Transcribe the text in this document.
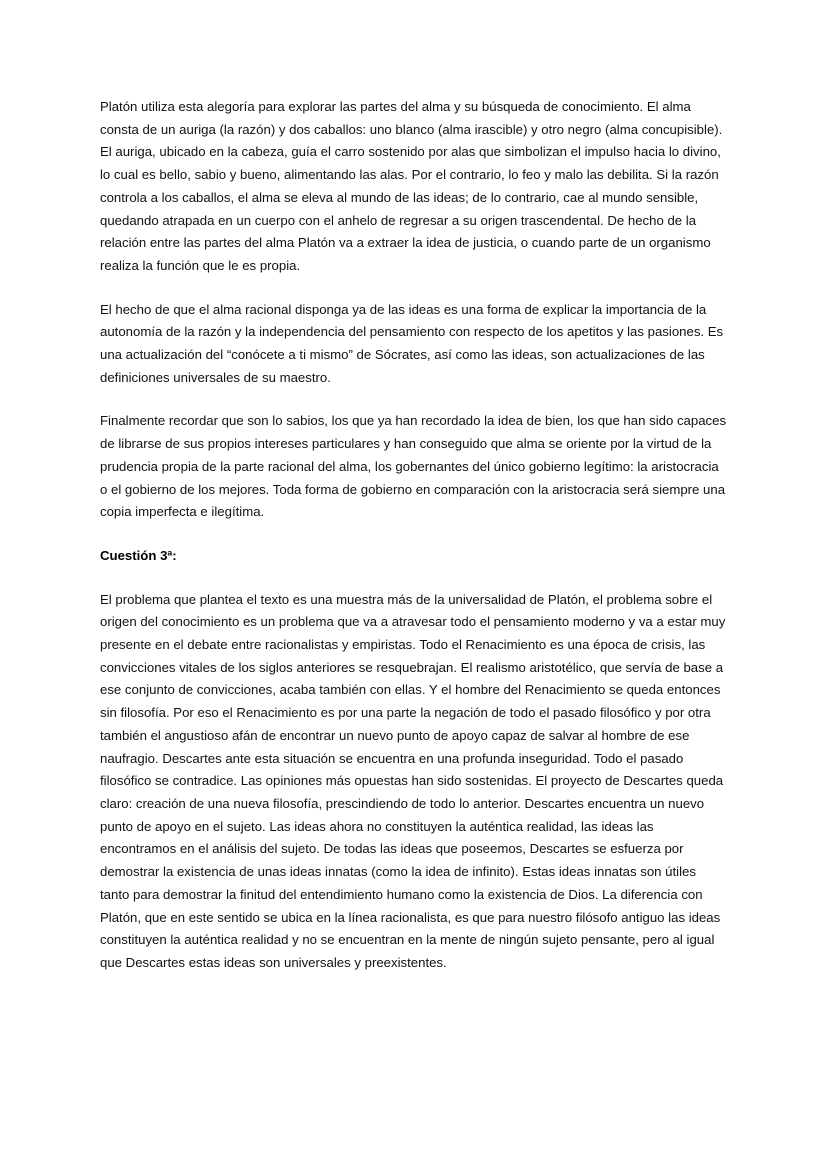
Platón utiliza esta alegoría para explorar las partes del alma y su búsqueda de conocimiento. El alma consta de un auriga (la razón) y dos caballos: uno blanco (alma irascible) y otro negro (alma concupisible). El auriga, ubicado en la cabeza, guía el carro sostenido por alas que simbolizan el impulso hacia lo divino, lo cual es bello, sabio y bueno, alimentando las alas. Por el contrario, lo feo y malo las debilita. Si la razón controla a los caballos, el alma se eleva al mundo de las ideas; de lo contrario, cae al mundo sensible, quedando atrapada en un cuerpo con el anhelo de regresar a su origen trascendental. De hecho de la relación entre las partes del alma Platón va a extraer la idea de justicia, o cuando parte de un organismo realiza la función que le es propia.

El hecho de que el alma racional disponga ya de las ideas es una forma de explicar la importancia de la autonomía de la razón y la independencia del pensamiento con respecto de los apetitos y las pasiones. Es una actualización del “conócete a ti mismo” de Sócrates, así como las ideas, son actualizaciones de las definiciones universales de su maestro.

Finalmente recordar que son lo sabios, los que ya han recordado la idea de bien, los que han sido capaces de librarse de sus propios intereses particulares y han conseguido que alma se oriente por la virtud de la prudencia propia de la parte racional del alma, los gobernantes del único gobierno legítimo: la aristocracia o el gobierno de los mejores. Toda forma de gobierno en comparación con la aristocracia será siempre una copia imperfecta e ilegítima.

Cuestión 3ª:

El problema que plantea el texto es una muestra más de la universalidad de Platón, el problema sobre el origen del conocimiento es un problema que va a atravesar todo el pensamiento moderno y va a estar muy presente en el debate entre racionalistas y empiristas. Todo el Renacimiento es una época de crisis, las convicciones vitales de los siglos anteriores se resquebrajan. El realismo aristotélico, que servía de base a ese conjunto de convicciones, acaba también con ellas. Y el hombre del Renacimiento se queda entonces sin filosofía. Por eso el Renacimiento es por una parte la negación de todo el pasado filosófico y por otra también el angustioso afán de encontrar un nuevo punto de apoyo capaz de salvar al hombre de ese naufragio. Descartes ante esta situación se encuentra en una profunda inseguridad. Todo el pasado filosófico se contradice. Las opiniones más opuestas han sido sostenidas. El proyecto de Descartes queda claro: creación de una nueva filosofía, prescindiendo de todo lo anterior. Descartes encuentra un nuevo punto de apoyo en el sujeto. Las ideas ahora no constituyen la auténtica realidad, las ideas las encontramos en el análisis del sujeto. De todas las ideas que poseemos, Descartes se esfuerza por demostrar la existencia de unas ideas innatas (como la idea de infinito). Estas ideas innatas son útiles tanto para demostrar la finitud del entendimiento humano como la existencia de Dios. La diferencia con Platón, que en este sentido se ubica en la línea racionalista, es que para nuestro filósofo antiguo las ideas constituyen la auténtica realidad y no se encuentran en la mente de ningún sujeto pensante, pero al igual que Descartes estas ideas son universales y preexistentes.
